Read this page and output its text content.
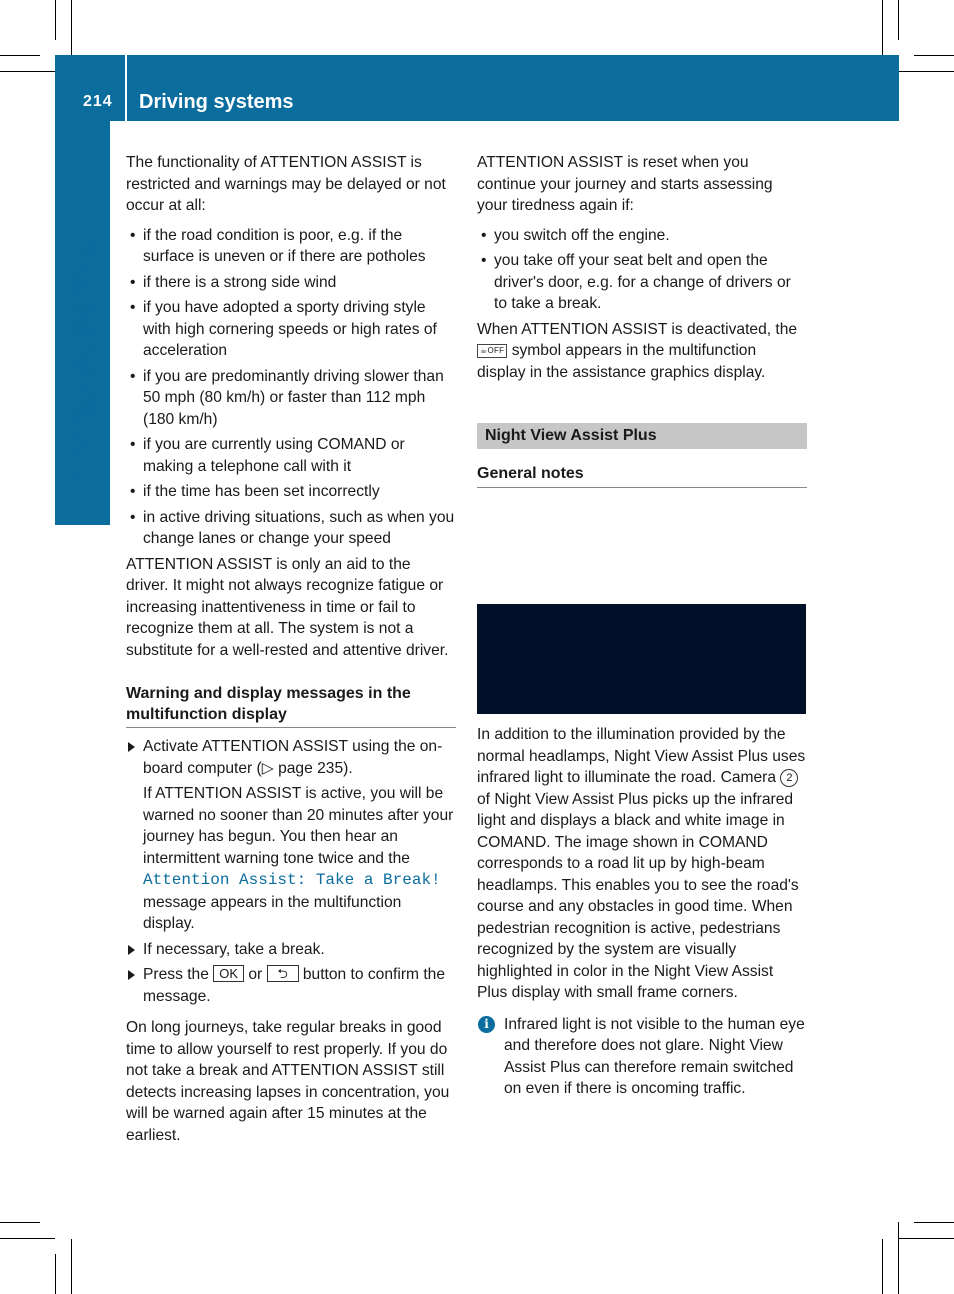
214 Driving systems
Driving and parking

The functionality of ATTENTION ASSIST is restricted and warnings may be delayed or not occur at all:

• if the road condition is poor, e.g. if the surface is uneven or if there are potholes
• if there is a strong side wind
• if you have adopted a sporty driving style with high cornering speeds or high rates of acceleration
• if you are predominantly driving slower than 50 mph (80 km/h) or faster than 112 mph (180 km/h)
• if you are currently using COMAND or making a telephone call with it
• if the time has been set incorrectly
• in active driving situations, such as when you change lanes or change your speed

ATTENTION ASSIST is only an aid to the driver. It might not always recognize fatigue or increasing inattentiveness in time or fail to recognize them at all. The system is not a substitute for a well-rested and attentive driver.

Warning and display messages in the multifunction display
Activate ATTENTION ASSIST using the on-board computer (▷ page 235).
If ATTENTION ASSIST is active, you will be warned no sooner than 20 minutes after your journey has begun. You then hear an intermittent warning tone twice and the Attention Assist: Take a Break! message appears in the multifunction display.
If necessary, take a break.
Press the OK or ⮌ button to confirm the message.

On long journeys, take regular breaks in good time to allow yourself to rest properly. If you do not take a break and ATTENTION ASSIST still detects increasing lapses in concentration, you will be warned again after 15 minutes at the earliest.

ATTENTION ASSIST is reset when you continue your journey and starts assessing your tiredness again if:

• you switch off the engine.
• you take off your seat belt and open the driver's door, e.g. for a change of drivers or to take a break.

When ATTENTION ASSIST is deactivated, the ☕OFF symbol appears in the multifunction display in the assistance graphics display.

Night View Assist Plus
General notes

In addition to the illumination provided by the normal headlamps, Night View Assist Plus uses infrared light to illuminate the road. Camera 2 of Night View Assist Plus picks up the infrared light and displays a black and white image in COMAND. The image shown in COMAND corresponds to a road lit up by high-beam headlamps. This enables you to see the road's course and any obstacles in good time. When pedestrian recognition is active, pedestrians recognized by the system are visually highlighted in color in the Night View Assist Plus display with small frame corners.

i Infrared light is not visible to the human eye and therefore does not glare. Night View Assist Plus can therefore remain switched on even if there is oncoming traffic.
